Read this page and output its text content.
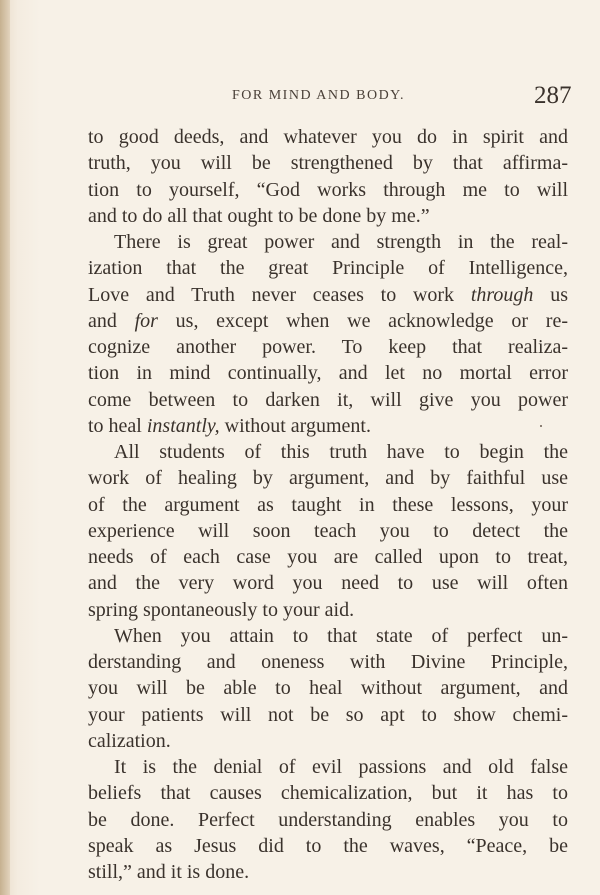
FOR MIND AND BODY.	287
to good deeds, and whatever you do in spirit and
truth, you will be strengthened by that affirma-
tion to yourself, “God works through me to will
and to do all that ought to be done by me.”
There is great power and strength in the real-
ization that the great Principle of Intelligence,
Love and Truth never ceases to work through us
and for us, except when we acknowledge or re-
cognize another power. To keep that realiza-
tion in mind continually, and let no mortal error
come between to darken it, will give you power
to heal instantly, without argument.
All students of this truth have to begin the
work of healing by argument, and by faithful use
of the argument as taught in these lessons, your
experience will soon teach you to detect the
needs of each case you are called upon to treat,
and the very word you need to use will often
spring spontaneously to your aid.
When you attain to that state of perfect un-
derstanding and oneness with Divine Principle,
you will be able to heal without argument, and
your patients will not be so apt to show chemi-
calization.
It is the denial of evil passions and old false
beliefs that causes chemicalization, but it has to
be done. Perfect understanding enables you to
speak as Jesus did to the waves, “Peace, be
still,” and it is done.
